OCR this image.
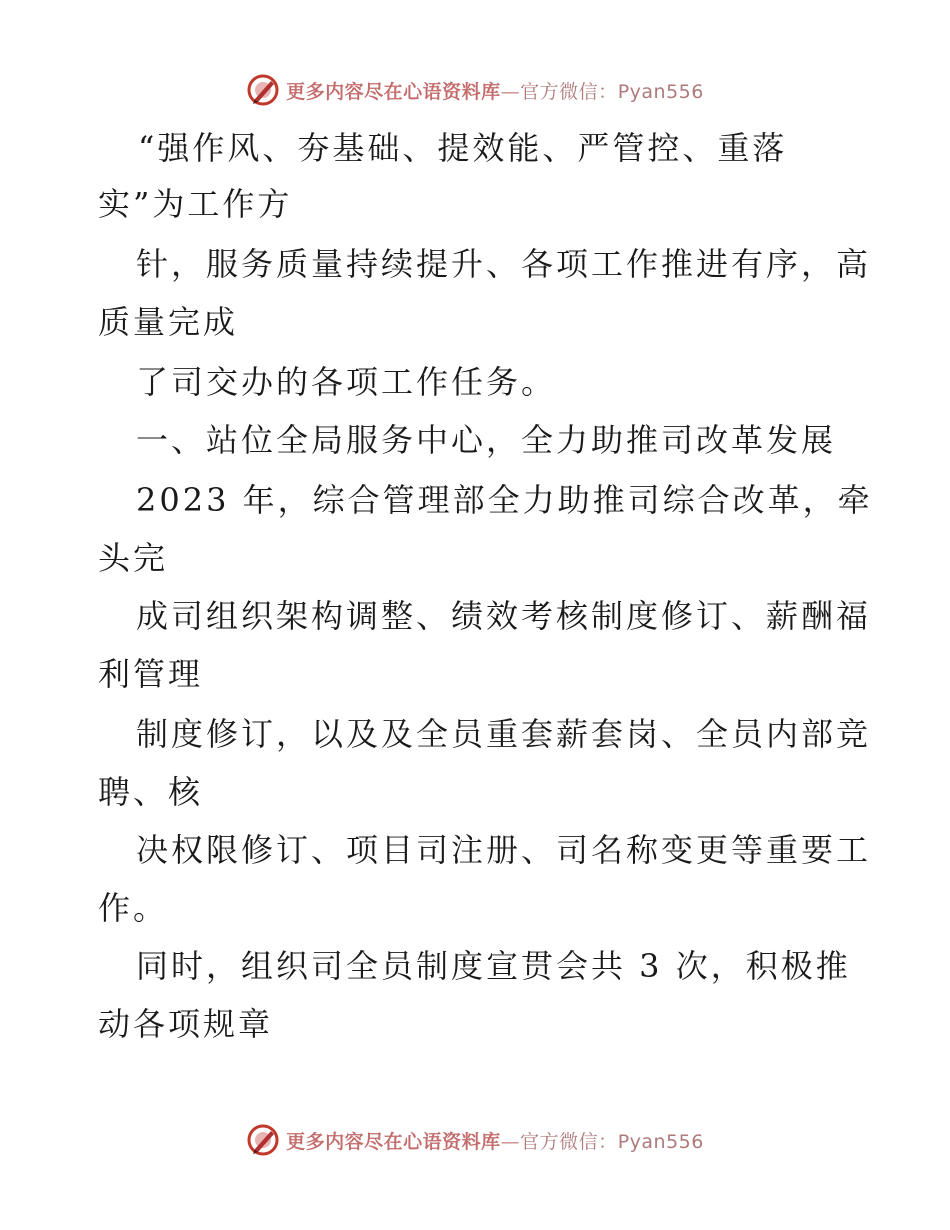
更多内容尽在心语资料库—官方微信：Pyan556
“强作风、夯基础、提效能、严管控、重落
实”为工作方
针，服务质量持续提升、各项工作推进有序，高
质量完成
了司交办的各项工作任务。
一、站位全局服务中心，全力助推司改革发展
2023 年，综合管理部全力助推司综合改革，牵
头完
成司组织架构调整、绩效考核制度修订、薪酬福
利管理
制度修订，以及及全员重套薪套岗、全员内部竞
聘、核
决权限修订、项目司注册、司名称变更等重要工
作。
同时，组织司全员制度宣贯会共 3 次，积极推
动各项规章
更多内容尽在心语资料库—官方微信：Pyan556
